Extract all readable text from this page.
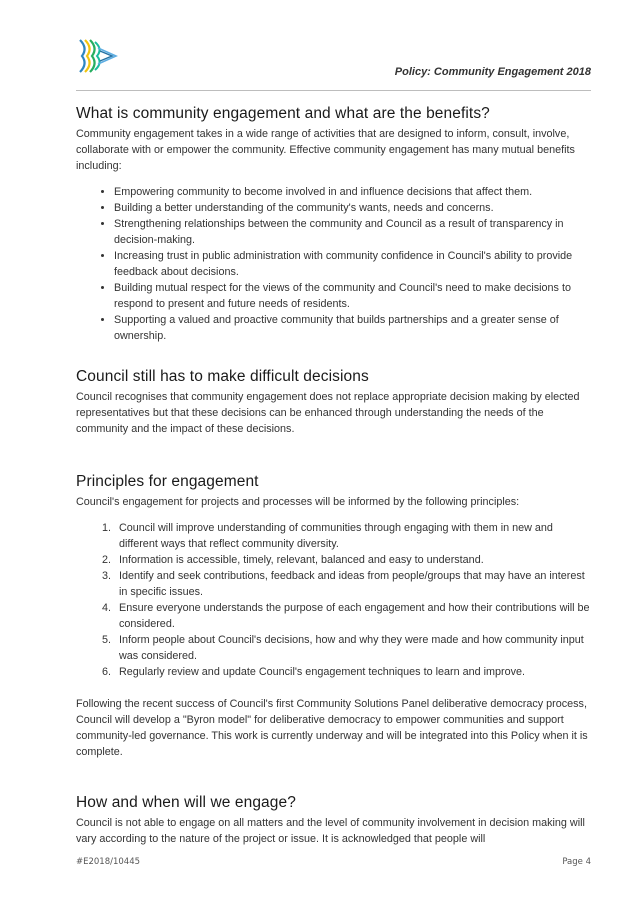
Policy: Community Engagement 2018
What is community engagement and what are the benefits?

Community engagement takes in a wide range of activities that are designed to inform, consult, involve, collaborate with or empower the community. Effective community engagement has many mutual benefits including:

• Empowering community to become involved in and influence decisions that affect them.
• Building a better understanding of the community's wants, needs and concerns.
• Strengthening relationships between the community and Council as a result of transparency in decision-making.
• Increasing trust in public administration with community confidence in Council's ability to provide feedback about decisions.
• Building mutual respect for the views of the community and Council's need to make decisions to respond to present and future needs of residents.
• Supporting a valued and proactive community that builds partnerships and a greater sense of ownership.
Council still has to make difficult decisions

Council recognises that community engagement does not replace appropriate decision making by elected representatives but that these decisions can be enhanced through understanding the needs of the community and the impact of these decisions.

Principles for engagement

Council's engagement for projects and processes will be informed by the following principles:

1. Council will improve understanding of communities through engaging with them in new and different ways that reflect community diversity.
2. Information is accessible, timely, relevant, balanced and easy to understand.
3. Identify and seek contributions, feedback and ideas from people/groups that may have an interest in specific issues.
4. Ensure everyone understands the purpose of each engagement and how their contributions will be considered.
5. Inform people about Council's decisions, how and why they were made and how community input was considered.
6. Regularly review and update Council's engagement techniques to learn and improve.

Following the recent success of Council's first Community Solutions Panel deliberative democracy process, Council will develop a "Byron model" for deliberative democracy to empower communities and support community-led governance. This work is currently underway and will be integrated into this Policy when it is complete.

How and when will we engage?

Council is not able to engage on all matters and the level of community involvement in decision making will vary according to the nature of the project or issue. It is acknowledged that people will

#E2018/10445	Page 4
